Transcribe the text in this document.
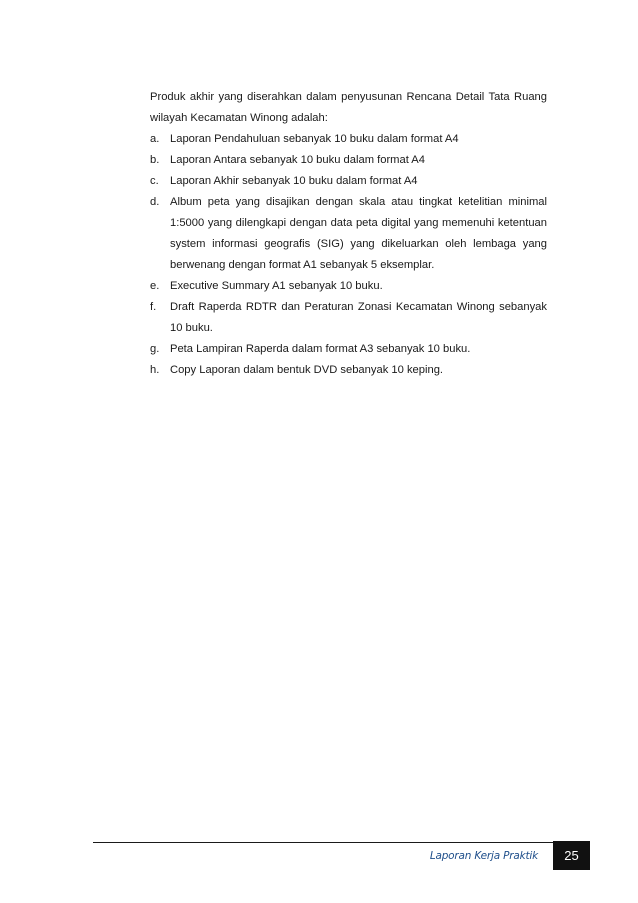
Produk akhir yang diserahkan dalam penyusunan Rencana Detail Tata Ruang wilayah Kecamatan Winong adalah:

a. Laporan Pendahuluan sebanyak 10 buku dalam format A4
b. Laporan Antara sebanyak 10 buku dalam format A4
c.	Laporan Akhir sebanyak 10 buku dalam format A4
d. Album peta yang disajikan dengan skala atau tingkat ketelitian minimal 1:5000 yang dilengkapi dengan data peta digital yang memenuhi ketentuan system informasi geografis (SIG) yang dikeluarkan oleh lembaga yang berwenang dengan format A1 sebanyak 5 eksemplar.
e. Executive Summary A1 sebanyak 10 buku.
f.	Draft Raperda RDTR dan Peraturan Zonasi Kecamatan Winong sebanyak 10 buku.
g. Peta Lampiran Raperda dalam format A3 sebanyak 10 buku.
h. Copy Laporan dalam bentuk DVD sebanyak 10 keping.
Laporan Kerja Praktik	25
